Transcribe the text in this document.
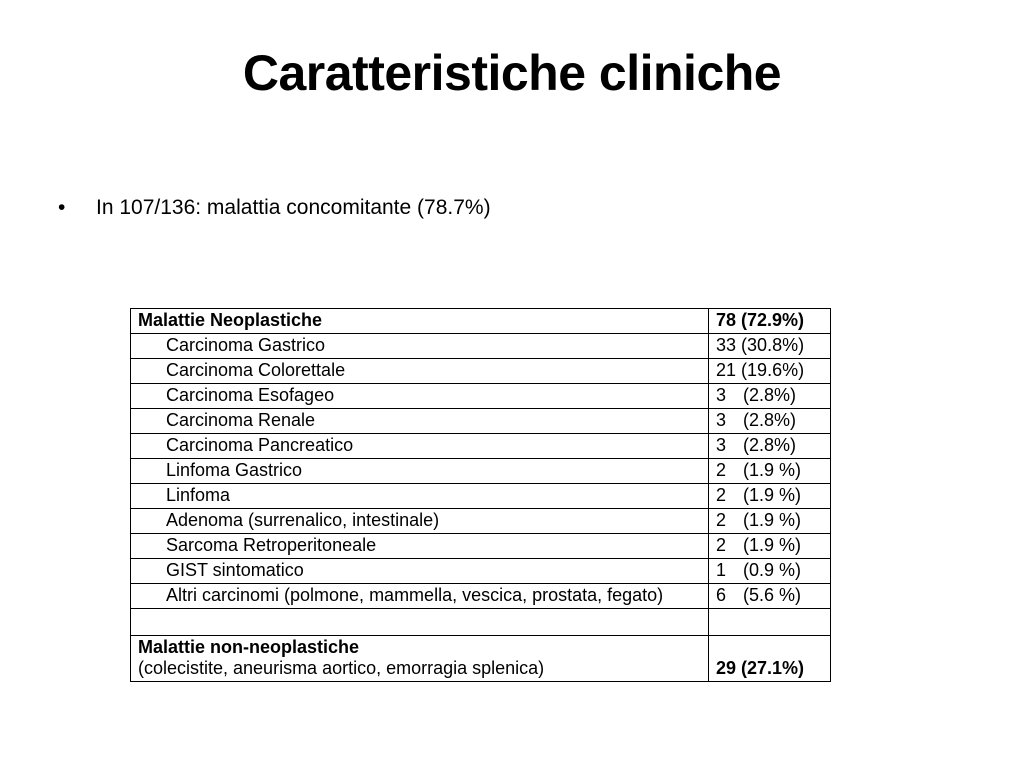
Caratteristiche cliniche
• In 107/136: malattia concomitante (78.7%)
Malattie Neoplastiche	78 (72.9%)
Carcinoma Gastrico	33 (30.8%)
Carcinoma Colorettale	21 (19.6%)
Carcinoma Esofageo	3 (2.8%)
Carcinoma Renale	3 (2.8%)
Carcinoma Pancreatico	3 (2.8%)
Linfoma Gastrico	2 (1.9 %)
Linfoma	2 (1.9 %)
Adenoma (surrenalico, intestinale)	2 (1.9 %)
Sarcoma Retroperitoneale	2 (1.9 %)
GIST sintomatico	1 (0.9 %)
Altri carcinomi (polmone, mammella, vescica, prostata, fegato)	6 (5.6 %)

Malattie non-neoplastiche
(colecistite, aneurisma aortico, emorragia splenica)	29 (27.1%)
